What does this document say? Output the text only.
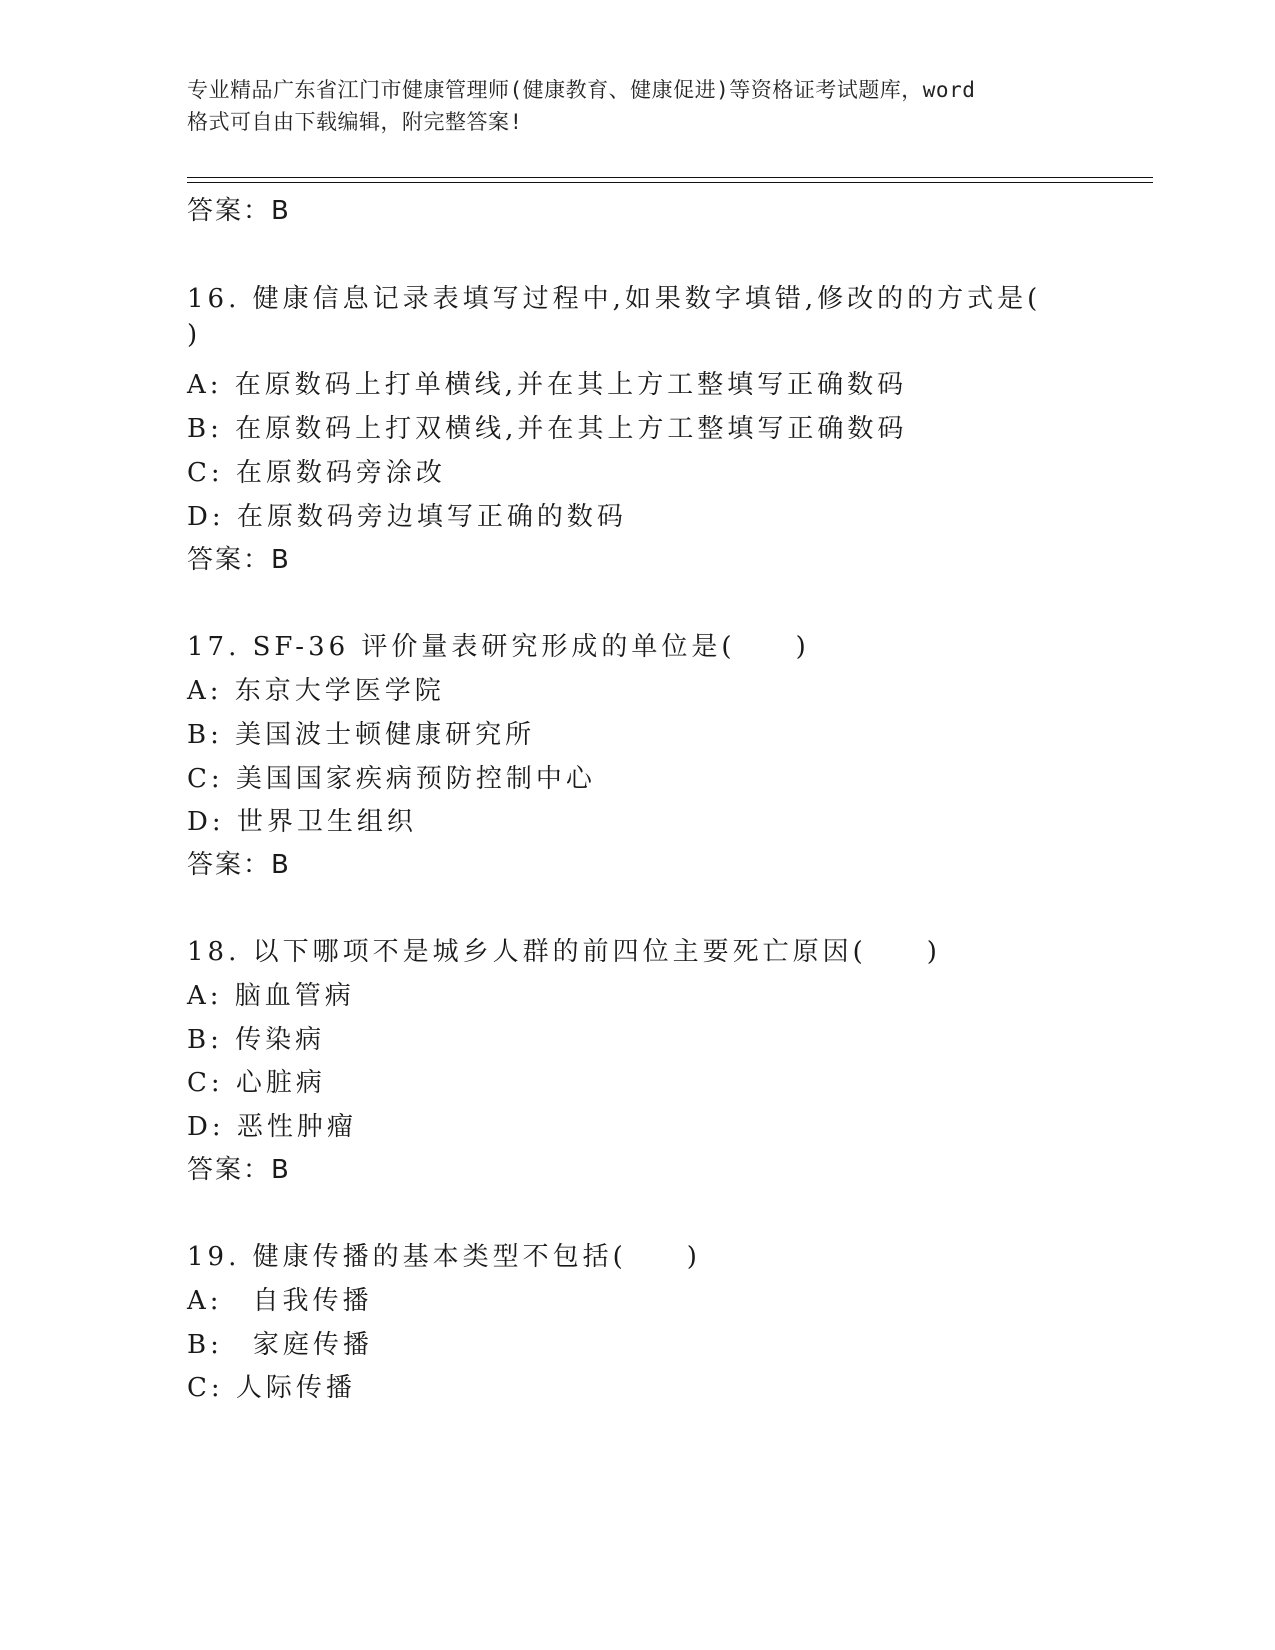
专业精品广东省江门市健康管理师(健康教育、健康促进)等资格证考试题库，word
格式可自由下载编辑，附完整答案!
答案：B
16. 健康信息记录表填写过程中,如果数字填错,修改的的方式是(
)
A: 在原数码上打单横线,并在其上方工整填写正确数码
B: 在原数码上打双横线,并在其上方工整填写正确数码
C: 在原数码旁涂改
D: 在原数码旁边填写正确的数码
答案：B
17. SF-36 评价量表研究形成的单位是(　　)
A: 东京大学医学院
B: 美国波士顿健康研究所
C: 美国国家疾病预防控制中心
D: 世界卫生组织
答案：B
18. 以下哪项不是城乡人群的前四位主要死亡原因(　　)
A: 脑血管病
B: 传染病
C: 心脏病
D: 恶性肿瘤
答案：B
19. 健康传播的基本类型不包括(　　)
A:　自我传播
B:　家庭传播
C: 人际传播
